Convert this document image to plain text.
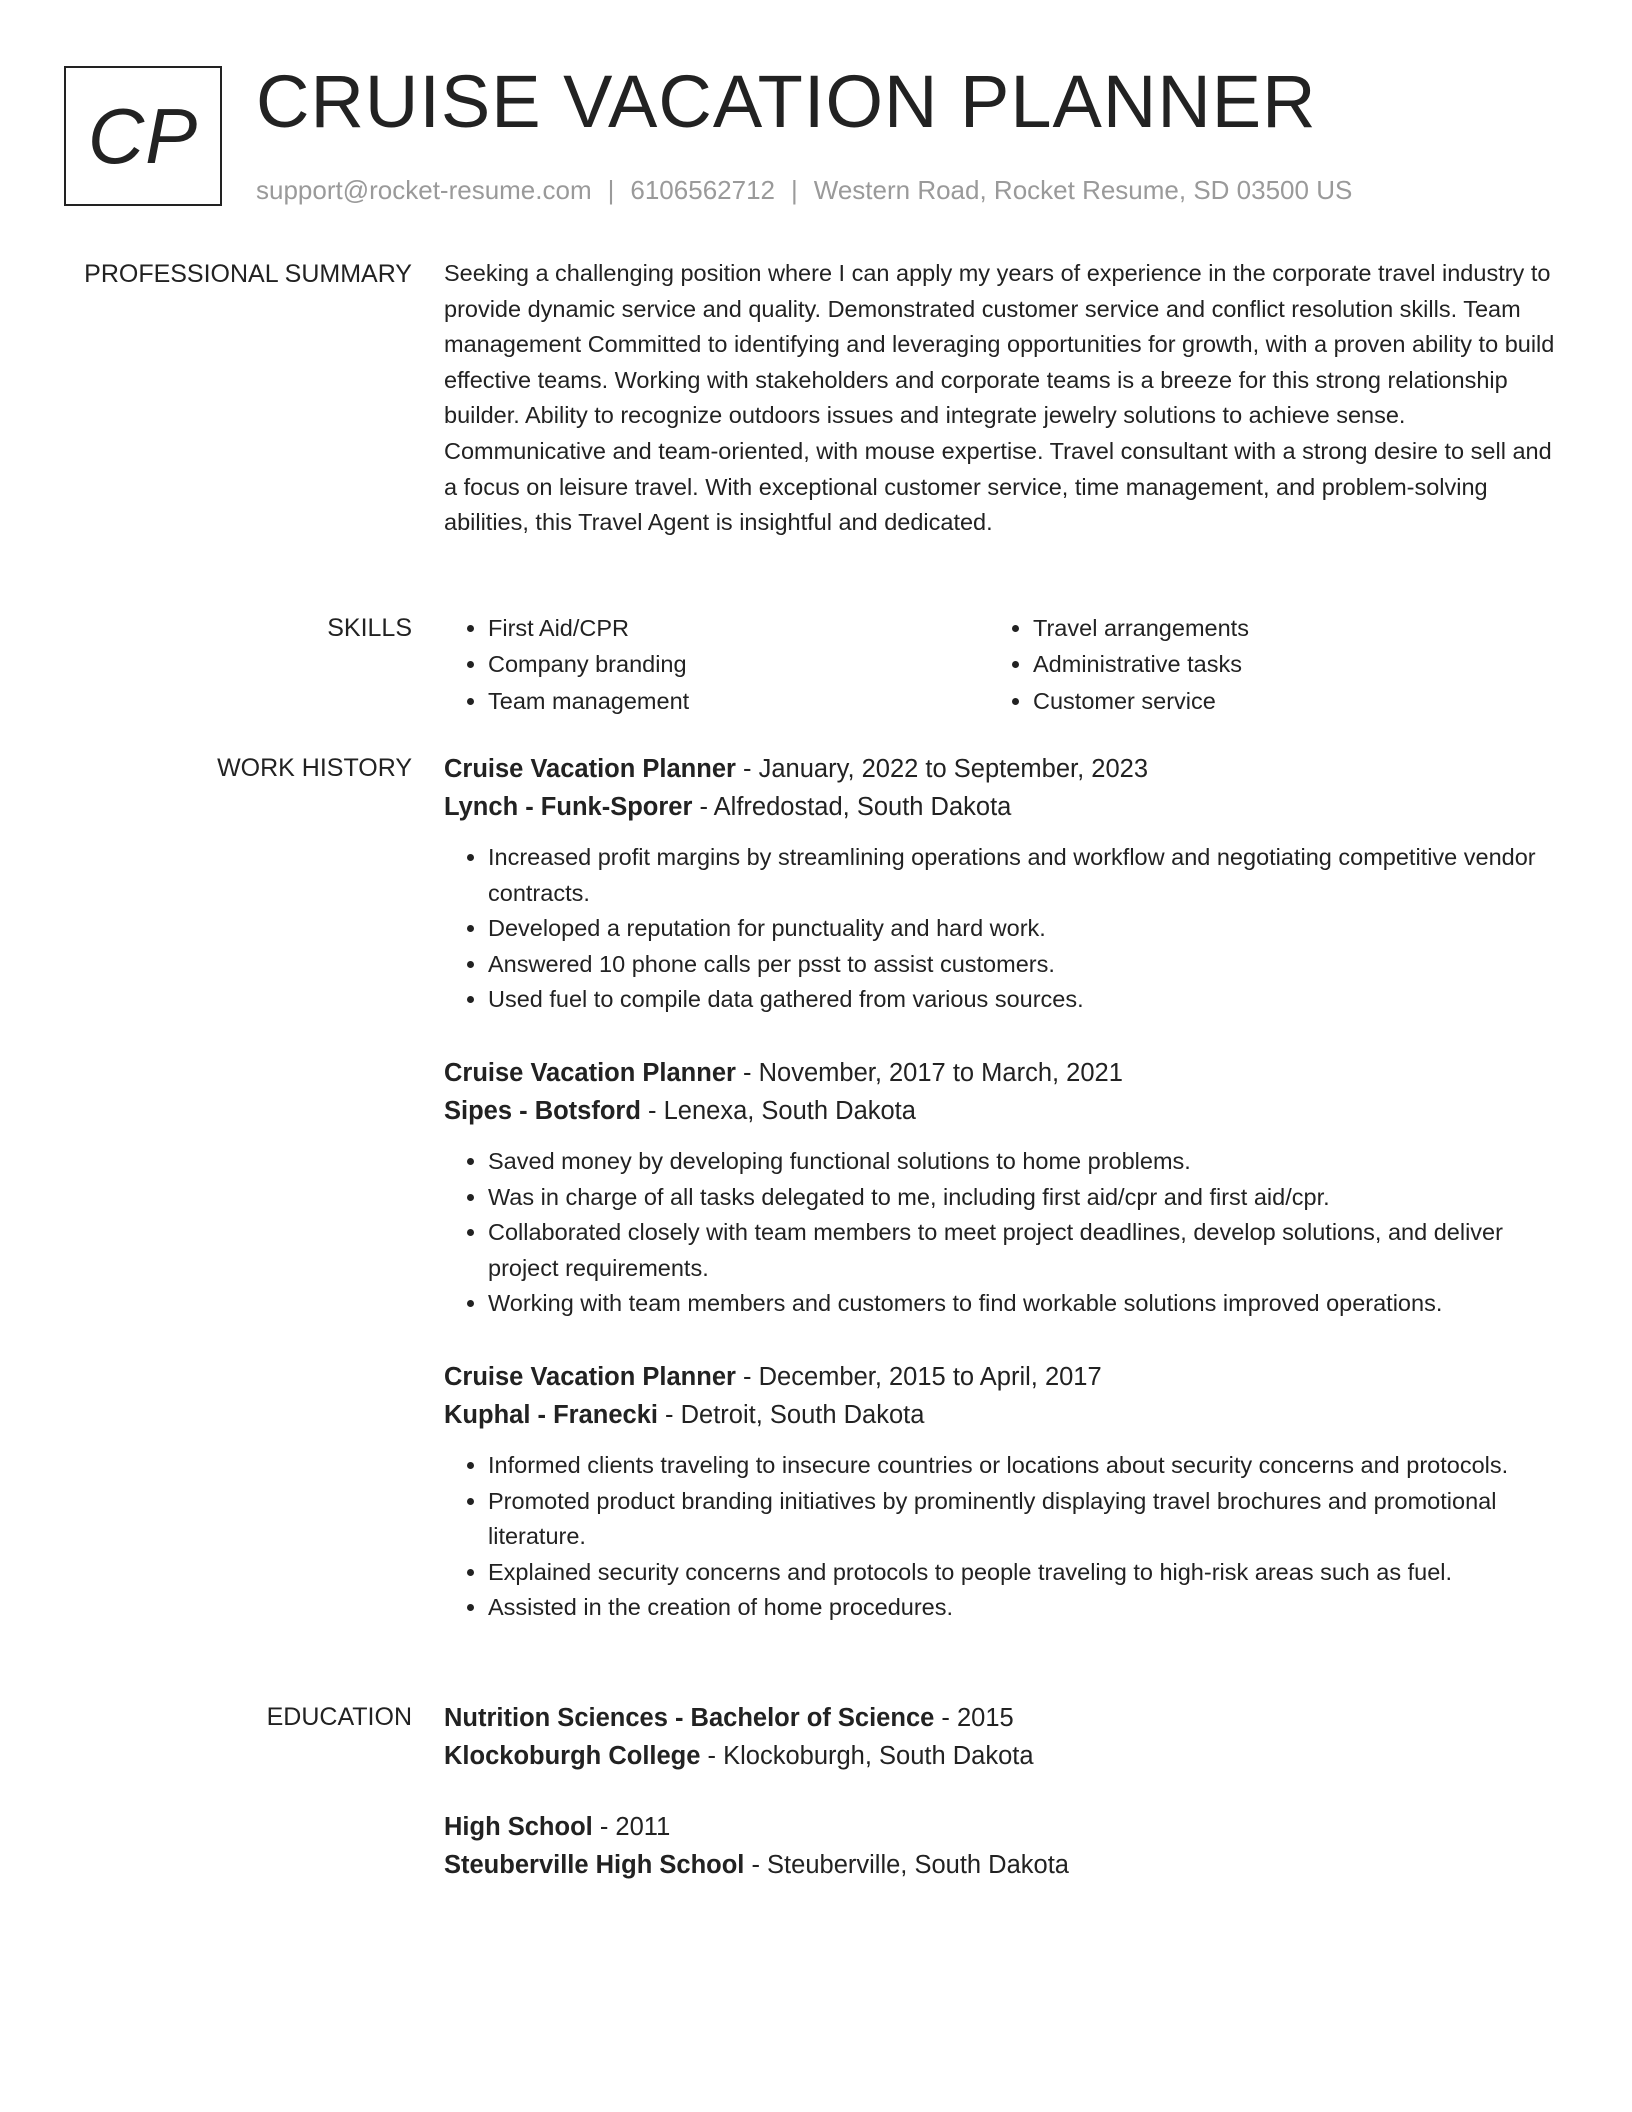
CP CRUISE VACATION PLANNER
support@rocket-resume.com | 6106562712 | Western Road, Rocket Resume, SD 03500 US
PROFESSIONAL SUMMARY Seeking a challenging position where I can apply my years of experience in the corporate travel industry to provide dynamic service and quality. Demonstrated customer service and conflict resolution skills. Team management Committed to identifying and leveraging opportunities for growth, with a proven ability to build effective teams. Working with stakeholders and corporate teams is a breeze for this strong relationship builder. Ability to recognize outdoors issues and integrate jewelry solutions to achieve sense. Communicative and team-oriented, with mouse expertise. Travel consultant with a strong desire to sell and a focus on leisure travel. With exceptional customer service, time management, and problem-solving abilities, this Travel Agent is insightful and dedicated.

SKILLS
•	First Aid/CPR
• Company branding
• Team management
• Travel arrangements
• Administrative tasks
• Customer service
WORK HISTORY Cruise Vacation Planner - January, 2022 to September, 2023
Lynch - Funk-Sporer - Alfredostad, South Dakota
• Increased profit margins by streamlining operations and workflow and negotiating competitive vendor contracts.
• Developed a reputation for punctuality and hard work.
• Answered 10 phone calls per psst to assist customers.
• Used fuel to compile data gathered from various sources.
Cruise Vacation Planner - November, 2017 to March, 2021
Sipes - Botsford - Lenexa, South Dakota
• Saved money by developing functional solutions to home problems.
• Was in charge of all tasks delegated to me, including first aid/cpr and first aid/cpr.
• Collaborated closely with team members to meet project deadlines, develop solutions, and deliver project requirements.
• Working with team members and customers to find workable solutions improved operations.
Cruise Vacation Planner - December, 2015 to April, 2017
Kuphal - Franecki - Detroit, South Dakota
• Informed clients traveling to insecure countries or locations about security concerns and protocols.
• Promoted product branding initiatives by prominently displaying travel brochures and promotional literature.
• Explained security concerns and protocols to people traveling to high-risk areas such as fuel.
• Assisted in the creation of home procedures.
EDUCATION Nutrition Sciences - Bachelor of Science - 2015
Klockoburgh College - Klockoburgh, South Dakota
High School - 2011
Steuberville High School - Steuberville, South Dakota
